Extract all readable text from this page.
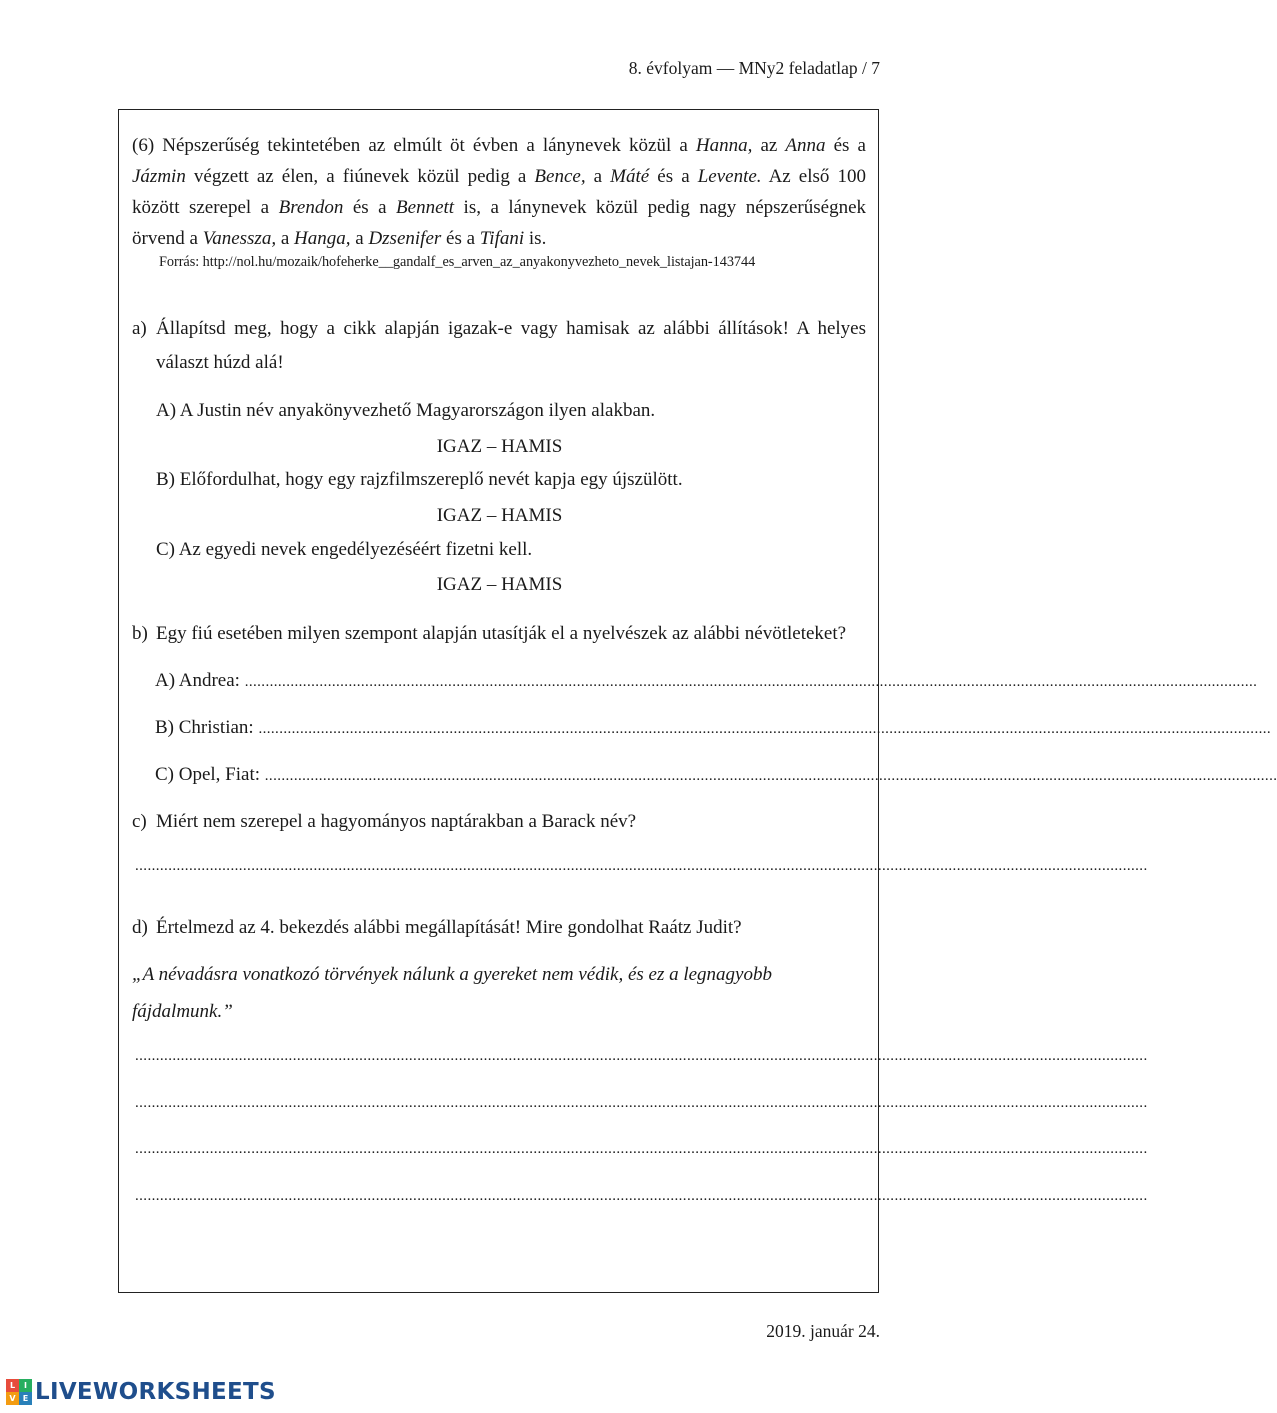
8. évfolyam — MNy2 feladatlap / 7
(6) Népszerűség tekintetében az elmúlt öt évben a lánynevek közül a Hanna, az Anna és a
Jázmin végzett az élen, a fiúnevek közül pedig a Bence, a Máté és a Levente. Az első 100
között szerepel a Brendon és a Bennett is, a lánynevek közül pedig nagy népszerűségnek
örvend a Vanessza, a Hanga, a Dzsenifer és a Tifani is.
Forrás: http://nol.hu/mozaik/hofeherke__gandalf_es_arven_az_anyakonyvezheto_nevek_listajan-143744
a) Állapítsd meg, hogy a cikk alapján igazak-e vagy hamisak az alábbi állítások! A helyes
választ húzd alá!
A) A Justin név anyakönyvezhető Magyarországon ilyen alakban.
IGAZ – HAMIS
B) Előfordulhat, hogy egy rajzfilmszereplő nevét kapja egy újszülött.
IGAZ – HAMIS
C) Az egyedi nevek engedélyezéséért fizetni kell.
IGAZ – HAMIS
b) Egy fiú esetében milyen szempont alapján utasítják el a nyelvészek az alábbi névötleteket?
A) Andrea:
....................................................................................................................................................................................................................................................
B) Christian:
....................................................................................................................................................................................................................................................
C) Opel, Fiat:
....................................................................................................................................................................................................................................................
c) Miért nem szerepel a hagyományos naptárakban a Barack név?
....................................................................................................................................................................................................................................................
d) Értelmezd az 4. bekezdés alábbi megállapítását! Mire gondolhat Raátz Judit?
„A névadásra vonatkozó törvények nálunk a gyereket nem védik, és ez a legnagyobb
fájdalmunk.”
....................................................................................................................................................................................................................................................
....................................................................................................................................................................................................................................................
....................................................................................................................................................................................................................................................
....................................................................................................................................................................................................................................................
2019. január 24.
L	I
V E LIVEWORKSHEETS
